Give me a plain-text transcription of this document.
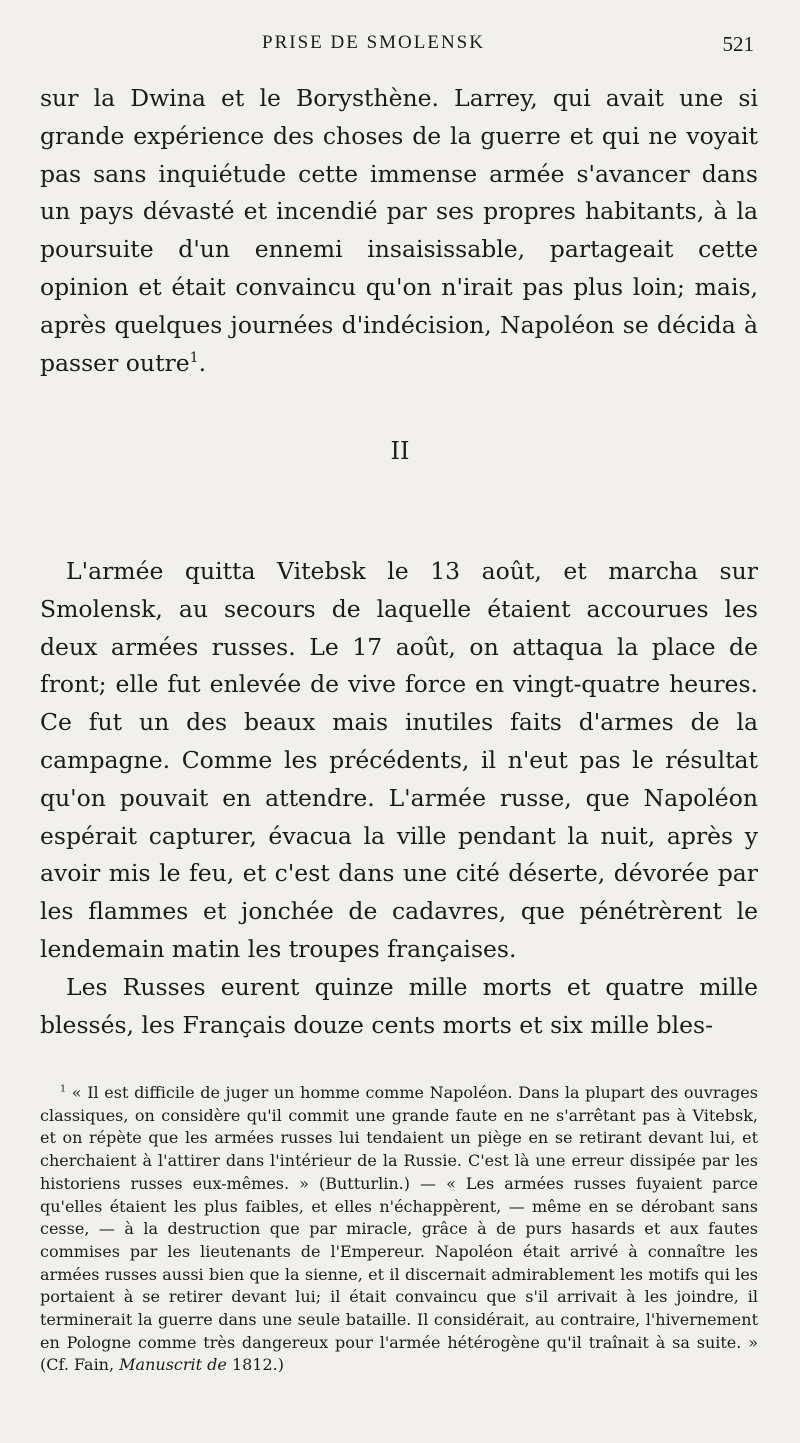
PRISE DE SMOLENSK	521

sur la Dwina et le Borysthène. Larrey, qui avait une si grande expérience des choses de la guerre et qui ne voyait pas sans inquiétude cette immense armée s'avancer dans un pays dévasté et incendié par ses propres habitants, à la poursuite d'un ennemi insaisissable, partageait cette opinion et était convaincu qu'on n'irait pas plus loin; mais, après quelques journées d'indécision, Napoléon se décida à passer outre$^1$.

II

L'armée quitta Vitebsk le 13 août, et marcha sur Smolensk, au secours de laquelle étaient accourues les deux armées russes. Le 17 août, on attaqua la place de front; elle fut enlevée de vive force en vingt-quatre heures. Ce fut un des beaux mais inutiles faits d'armes de la campagne. Comme les précédents, il n'eut pas le résultat qu'on pouvait en attendre. L'armée russe, que Napoléon espérait capturer, évacua la ville pendant la nuit, après y avoir mis le feu, et c'est dans une cité déserte, dévorée par les flammes et jonchée de cadavres, que pénétrèrent le lendemain matin les troupes françaises.

Les Russes eurent quinze mille morts et quatre mille blessés, les Français douze cents morts et six mille bles-

$^1$ « Il est difficile de juger un homme comme Napoléon. Dans la plupart des ouvrages classiques, on considère qu'il commit une grande faute en ne s'arrêtant pas à Vitebsk, et on répète que les armées russes lui tendaient un piège en se retirant devant lui, et cherchaient à l'attirer dans l'intérieur de la Russie. C'est là une erreur dissipée par les historiens russes eux-mêmes. » (Butturlin.) — « Les armées russes fuyaient parce qu'elles étaient les plus faibles, et elles n'échappèrent, — même en se dérobant sans cesse, — à la destruction que par miracle, grâce à de purs hasards et aux fautes commises par les lieutenants de l'Empereur. Napoléon était arrivé à connaître les armées russes aussi bien que la sienne, et il discernait admirablement les motifs qui les portaient à se retirer devant lui; il était convaincu que s'il arrivait à les joindre, il terminerait la guerre dans une seule bataille. Il considérait, au contraire, l'hivernement en Pologne comme très dangereux pour l'armée hétérogène qu'il traînait à sa suite. » (Cf. Fain, Manuscrit de 1812.)
